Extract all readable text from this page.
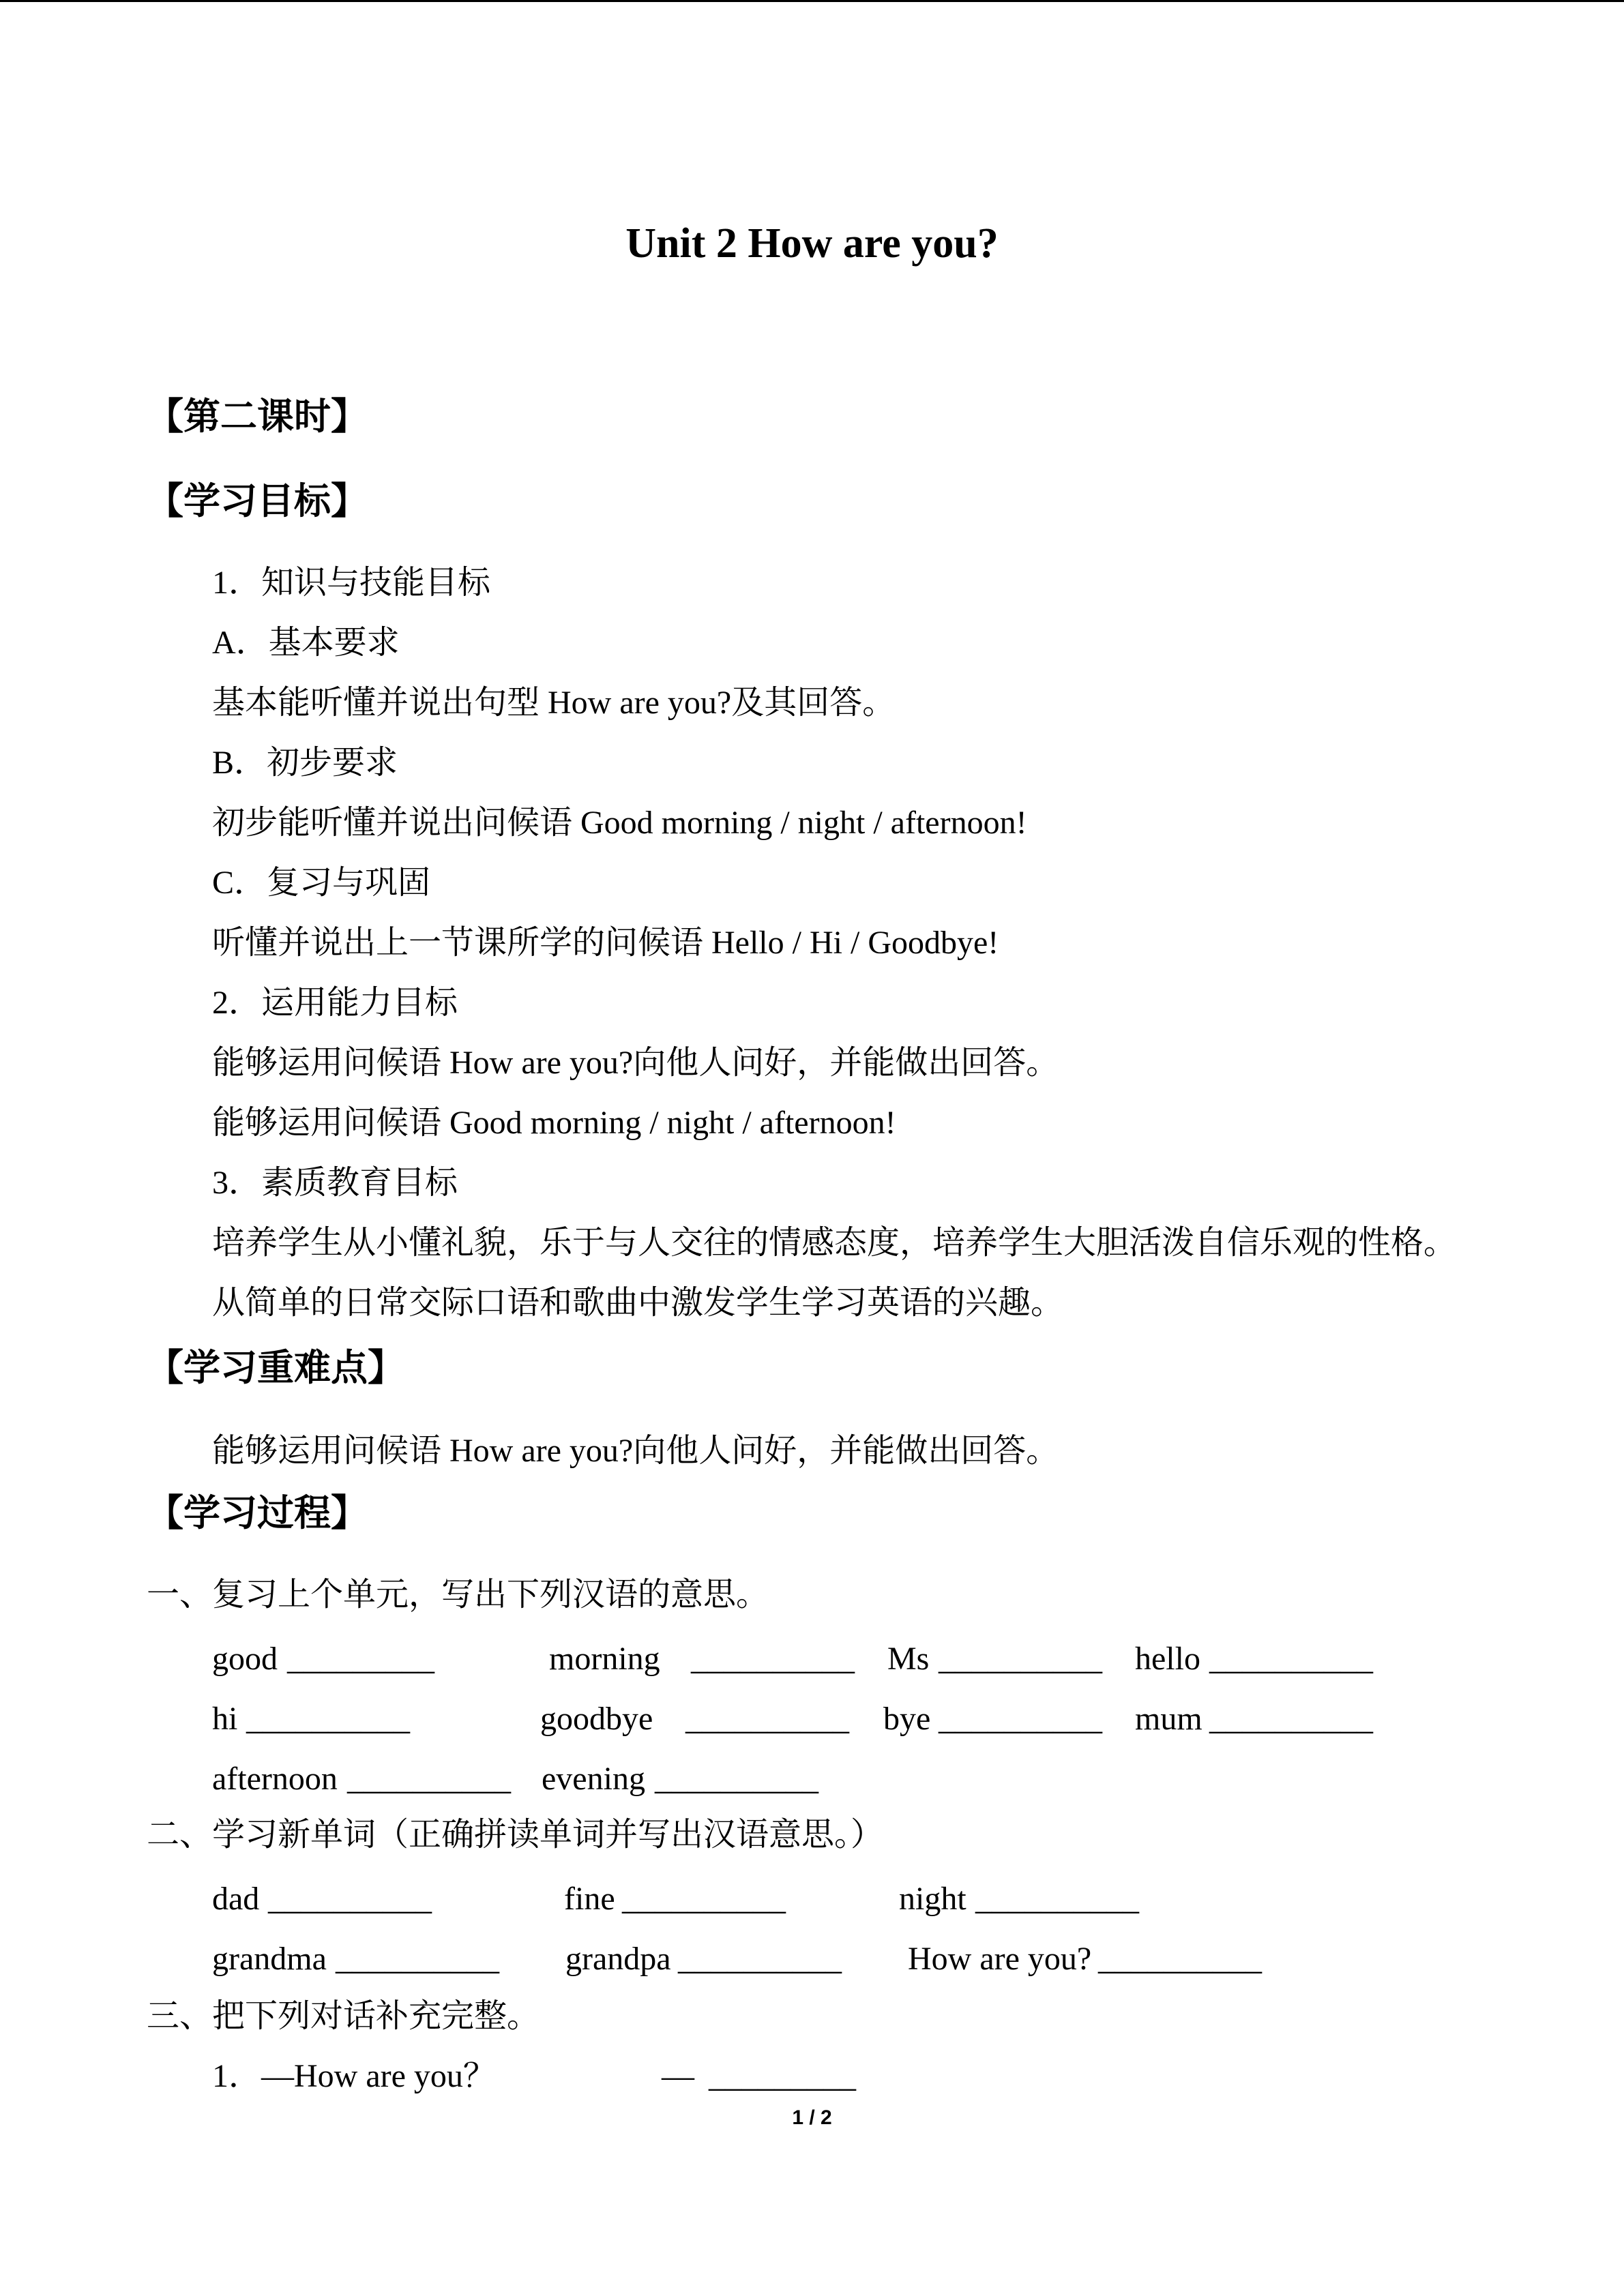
Unit 2 How are you?
【第二课时】
【学习目标】
1．知识与技能目标
A．基本要求
基本能听懂并说出句型 How are you?及其回答。
B．初步要求
初步能听懂并说出问候语 Good morning / night / afternoon!
C．复习与巩固
听懂并说出上一节课所学的问候语 Hello / Hi / Goodbye!
2．运用能力目标
能够运用问候语 How are you?向他人问好，并能做出回答。
能够运用问候语 Good morning / night / afternoon!
3．素质教育目标
培养学生从小懂礼貌，乐于与人交往的情感态度，培养学生大胆活泼自信乐观的性格。
从简单的日常交际口语和歌曲中激发学生学习英语的兴趣。
【学习重难点】
能够运用问候语 How are you?向他人问好，并能做出回答。
【学习过程】
一、复习上个单元，写出下列汉语的意思。
good _________	morning __________ Ms __________ hello __________
hi __________	goodbye __________ bye __________ mum __________
afternoon __________ evening __________
二、学习新单词（正确拼读单词并写出汉语意思。）
dad __________	fine __________	night __________
grandma __________ grandpa __________ How are you? __________
三、把下列对话补充完整。
1．—How are you？	— _________
1 / 2
